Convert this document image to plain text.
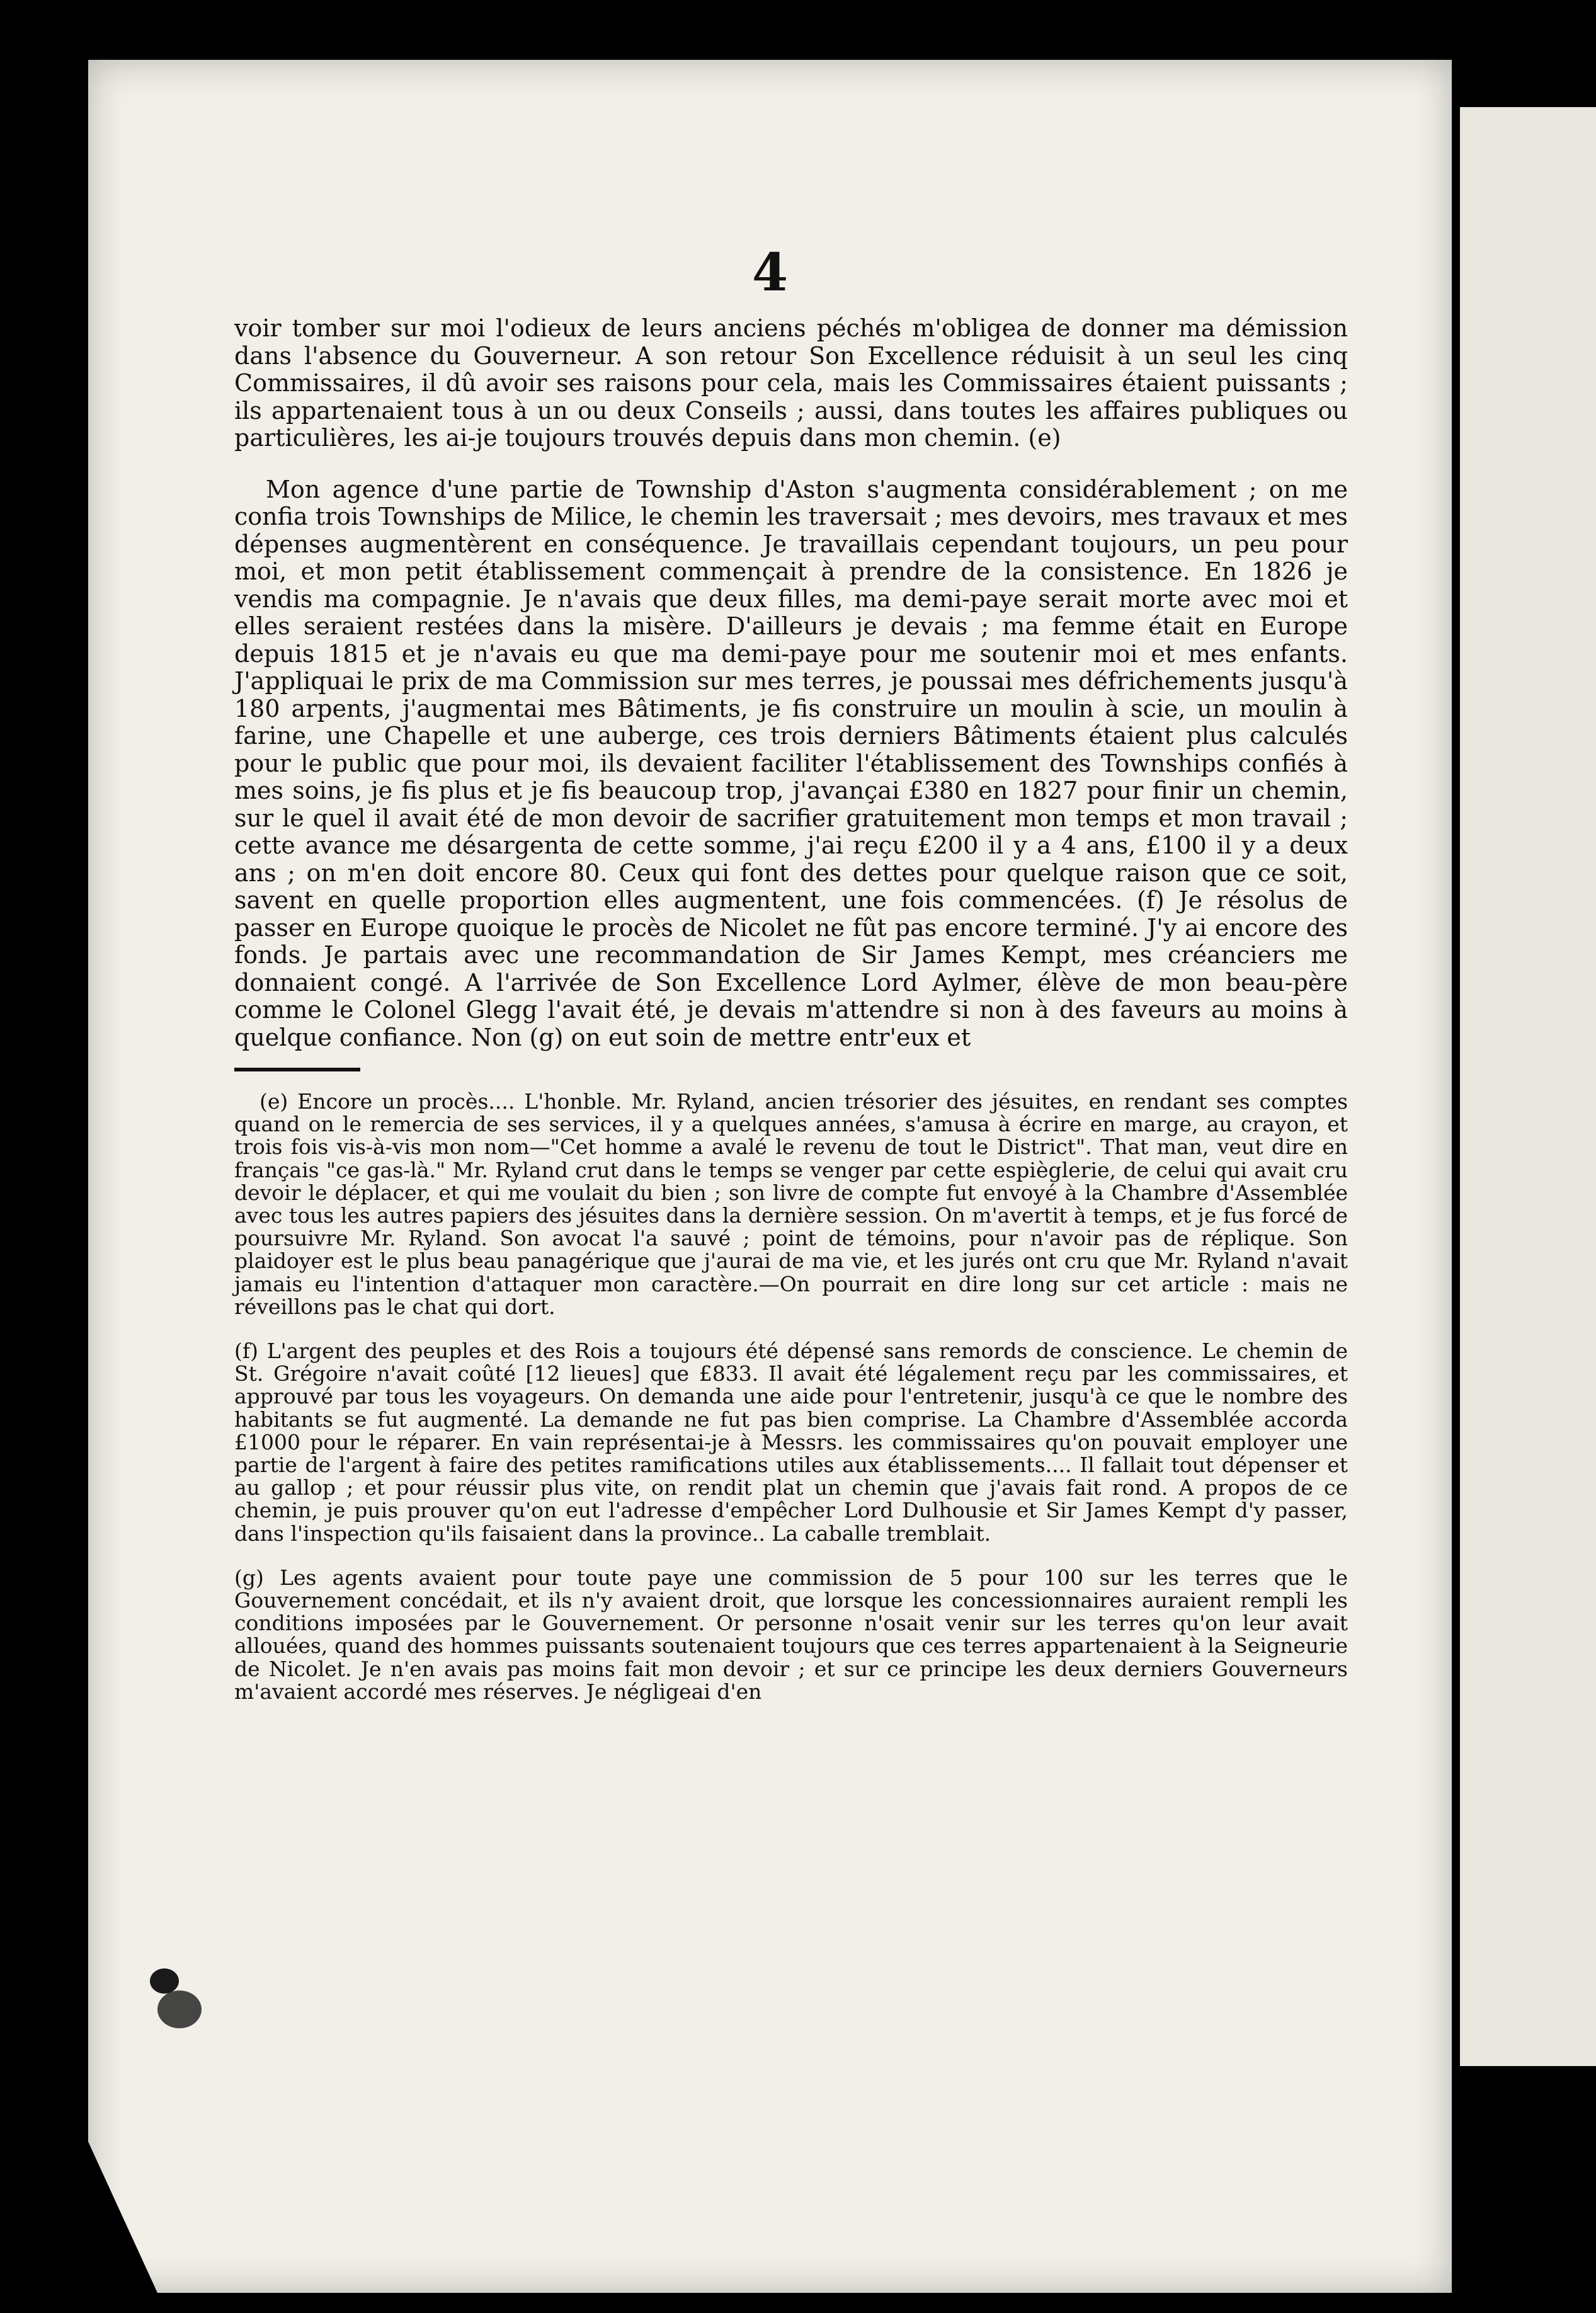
4

voir tomber sur moi l'odieux de leurs anciens péchés m'obligea de donner ma démission dans l'absence du Gouverneur. A son retour Son Excellence réduisit à un seul les cinq Commissaires, il dû avoir ses raisons pour cela, mais les Commissaires étaient puissants ; ils appartenaient tous à un ou deux Conseils ; aussi, dans toutes les affaires publiques ou particulières, les ai-je toujours trouvés depuis dans mon chemin. (e)

Mon agence d'une partie de Township d'Aston s'augmenta considérablement ; on me confia trois Townships de Milice, le chemin les traversait ; mes devoirs, mes travaux et mes dépenses augmentèrent en conséquence. Je travaillais cependant toujours, un peu pour moi, et mon petit établissement commençait à prendre de la consistence. En 1826 je vendis ma compagnie. Je n'avais que deux filles, ma demi-paye serait morte avec moi et elles seraient restées dans la misère. D'ailleurs je devais ; ma femme était en Europe depuis 1815 et je n'avais eu que ma demi-paye pour me soutenir moi et mes enfants. J'appliquai le prix de ma Commission sur mes terres, je poussai mes défrichements jusqu'à 180 arpents, j'augmentai mes Bâtiments, je fis construire un moulin à scie, un moulin à farine, une Chapelle et une auberge, ces trois derniers Bâtiments étaient plus calculés pour le public que pour moi, ils devaient faciliter l'établissement des Townships confiés à mes soins, je fis plus et je fis beaucoup trop, j'avançai £380 en 1827 pour finir un chemin, sur le quel il avait été de mon devoir de sacrifier gratuitement mon temps et mon travail ; cette avance me désargenta de cette somme, j'ai reçu £200 il y a 4 ans, £100 il y a deux ans ; on m'en doit encore 80. Ceux qui font des dettes pour quelque raison que ce soit, savent en quelle proportion elles augmentent, une fois commencées. (f) Je résolus de passer en Europe quoique le procès de Nicolet ne fût pas encore terminé. J'y ai encore des fonds. Je partais avec une recommandation de Sir James Kempt, mes créanciers me donnaient congé. A l'arrivée de Son Excellence Lord Aylmer, élève de mon beau-père comme le Colonel Glegg l'avait été, je devais m'attendre si non à des faveurs au moins à quelque confiance. Non (g) on eut soin de mettre entr'eux et

(e) Encore un procès.... L'honble. Mr. Ryland, ancien trésorier des jésuites, en rendant ses comptes quand on le remercia de ses services, il y a quelques années, s'amusa à écrire en marge, au crayon, et trois fois vis-à-vis mon nom—"Cet homme a avalé le revenu de tout le District". That man, veut dire en français "ce gas-là." Mr. Ryland crut dans le temps se venger par cette espièglerie, de celui qui avait cru devoir le déplacer, et qui me voulait du bien ; son livre de compte fut envoyé à la Chambre d'Assemblée avec tous les autres papiers des jésuites dans la dernière session. On m'avertit à temps, et je fus forcé de poursuivre Mr. Ryland. Son avocat l'a sauvé ; point de témoins, pour n'avoir pas de réplique. Son plaidoyer est le plus beau panagérique que j'aurai de ma vie, et les jurés ont cru que Mr. Ryland n'avait jamais eu l'intention d'attaquer mon caractère.—On pourrait en dire long sur cet article : mais ne réveillons pas le chat qui dort.

(f) L'argent des peuples et des Rois a toujours été dépensé sans remords de conscience. Le chemin de St. Grégoire n'avait coûté [12 lieues] que £833. Il avait été légalement reçu par les commissaires, et approuvé par tous les voyageurs. On demanda une aide pour l'entretenir, jusqu'à ce que le nombre des habitants se fut augmenté. La demande ne fut pas bien comprise. La Chambre d'Assemblée accorda £1000 pour le réparer. En vain représentai-je à Messrs. les commissaires qu'on pouvait employer une partie de l'argent à faire des petites ramifications utiles aux établissements.... Il fallait tout dépenser et au gallop ; et pour réussir plus vite, on rendit plat un chemin que j'avais fait rond. A propos de ce chemin, je puis prouver qu'on eut l'adresse d'empêcher Lord Dulhousie et Sir James Kempt d'y passer, dans l'inspection qu'ils faisaient dans la province.. La caballe tremblait.

(g) Les agents avaient pour toute paye une commission de 5 pour 100 sur les terres que le Gouvernement concédait, et ils n'y avaient droit, que lorsque les concessionnaires auraient rempli les conditions imposées par le Gouvernement. Or personne n'osait venir sur les terres qu'on leur avait allouées, quand des hommes puissants soutenaient toujours que ces terres appartenaient à la Seigneurie de Nicolet. Je n'en avais pas moins fait mon devoir ; et sur ce principe les deux derniers Gouverneurs m'avaient accordé mes réserves. Je négligeai d'en
